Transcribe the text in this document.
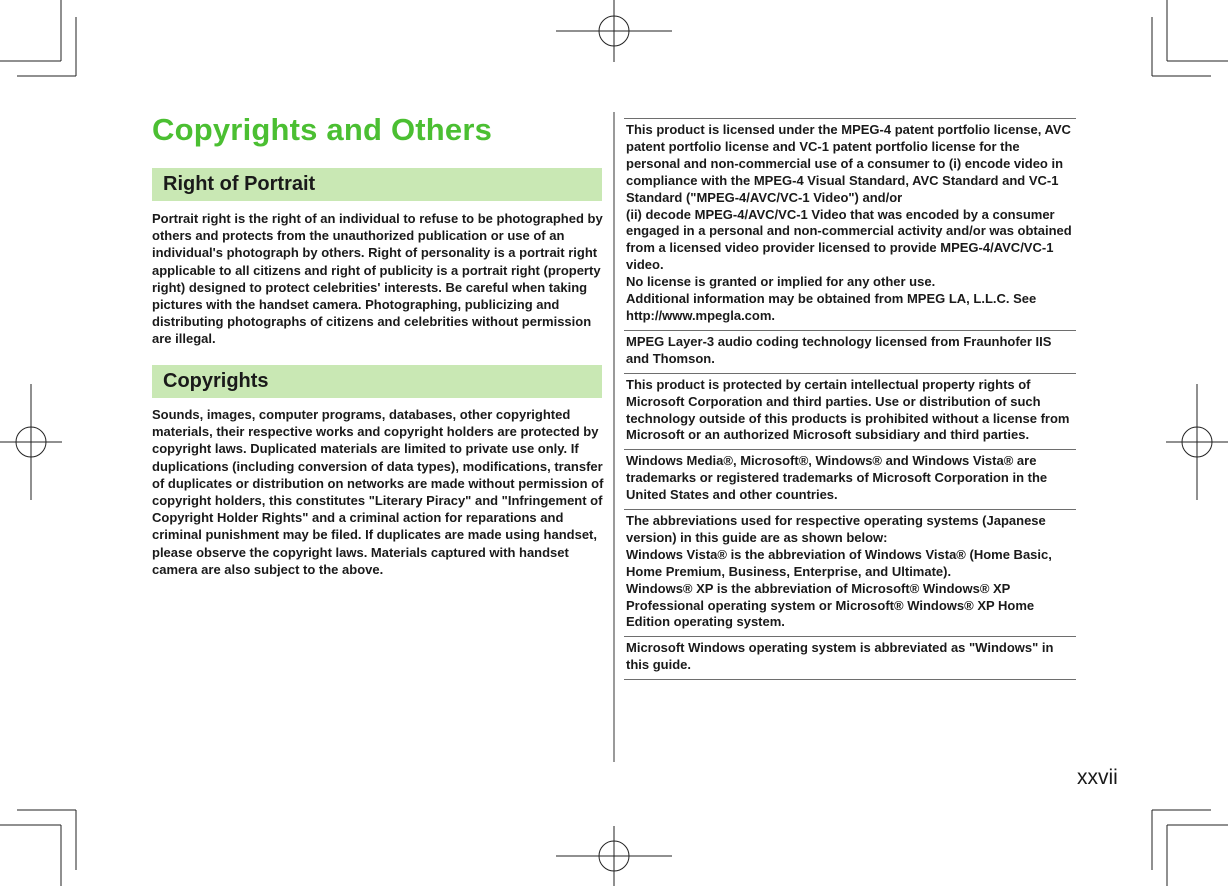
Copyrights and Others
Right of Portrait

Portrait right is the right of an individual to refuse to be photographed by others and protects from the unauthorized publication or use of an individual's photograph by others. Right of personality is a portrait right applicable to all citizens and right of publicity is a portrait right (property right) designed to protect celebrities' interests. Be careful when taking pictures with the handset camera. Photographing, publicizing and distributing photographs of citizens and celebrities without permission are illegal.

Copyrights

Sounds, images, computer programs, databases, other copyrighted materials, their respective works and copyright holders are protected by copyright laws. Duplicated materials are limited to private use only. If duplications (including conversion of data types), modifications, transfer of duplicates or distribution on networks are made without permission of copyright holders, this constitutes "Literary Piracy" and "Infringement of Copyright Holder Rights" and a criminal action for reparations and criminal punishment may be filed. If duplicates are made using handset, please observe the copyright laws. Materials captured with handset camera are also subject to the above.

This product is licensed under the MPEG-4 patent portfolio license, AVC patent portfolio license and VC-1 patent portfolio license for the personal and non-commercial use of a consumer to (i) encode video in compliance with the MPEG-4 Visual Standard, AVC Standard and VC-1 Standard ("MPEG-4/AVC/VC-1 Video") and/or

(ii) decode MPEG-4/AVC/VC-1 Video that was encoded by a consumer engaged in a personal and non-commercial activity and/or was obtained from a licensed video provider licensed to provide MPEG-4/AVC/VC-1 video.

No license is granted or implied for any other use.

Additional information may be obtained from MPEG LA, L.L.C. See http://www.mpegla.com.

MPEG Layer-3 audio coding technology licensed from Fraunhofer IIS and Thomson.

This product is protected by certain intellectual property rights of Microsoft Corporation and third parties. Use or distribution of such technology outside of this products is prohibited without a license from Microsoft or an authorized Microsoft subsidiary and third parties.

Windows Media®, Microsoft®, Windows® and Windows Vista® are trademarks or registered trademarks of Microsoft Corporation in the United States and other countries.

The abbreviations used for respective operating systems (Japanese version) in this guide are as shown below:

Windows Vista® is the abbreviation of Windows Vista® (Home Basic, Home Premium, Business, Enterprise, and Ultimate).

Windows® XP is the abbreviation of Microsoft® Windows® XP Professional operating system or Microsoft® Windows® XP Home Edition operating system.

Microsoft Windows operating system is abbreviated as "Windows" in this guide.

xxvii
